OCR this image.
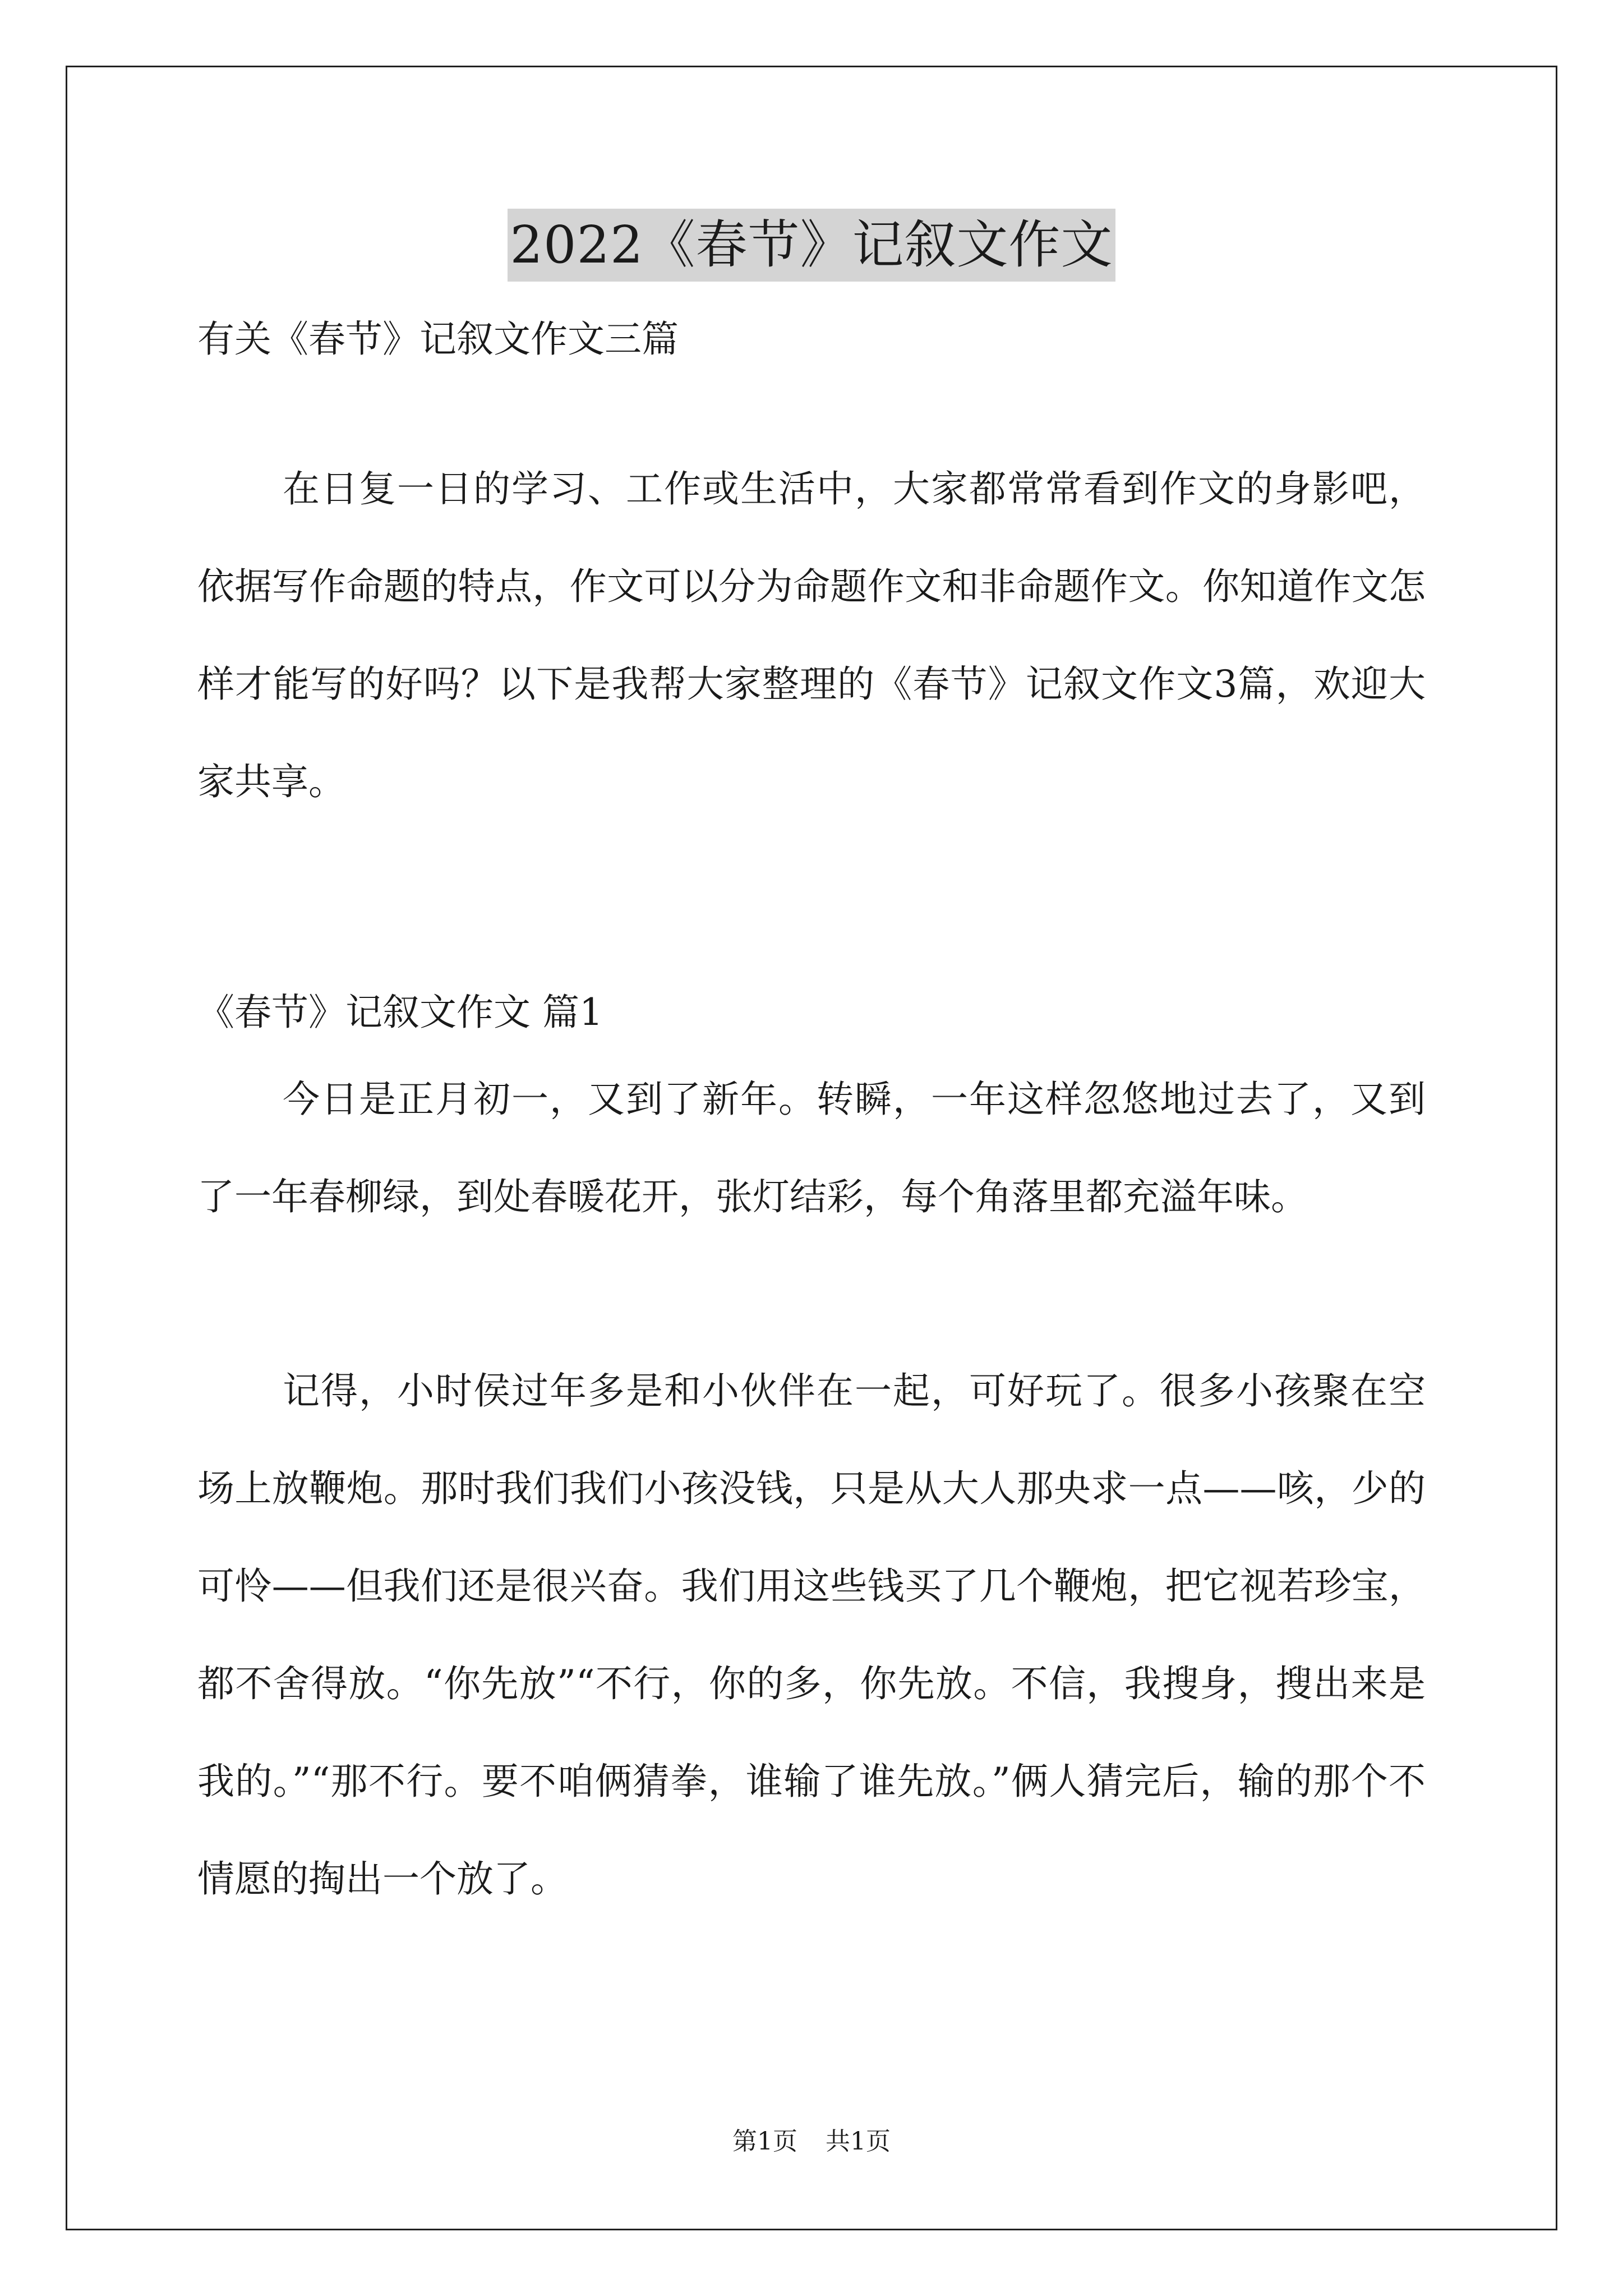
2022《春节》记叙文作文
有关《春节》记叙文作文三篇

在日复一日的学习、工作或生活中，大家都常常看到作文的身影吧，依据写作命题的特点，作文可以分为命题作文和非命题作文。你知道作文怎样才能写的好吗？以下是我帮大家整理的《春节》记叙文作文3篇，欢迎大家共享。

《春节》记叙文作文 篇1

今日是正月初一，又到了新年。转瞬，一年这样忽悠地过去了，又到了一年春柳绿，到处春暖花开，张灯结彩，每个角落里都充溢年味。

记得，小时侯过年多是和小伙伴在一起，可好玩了。很多小孩聚在空场上放鞭炮。那时我们我们小孩没钱，只是从大人那央求一点——咳，少的可怜——但我们还是很兴奋。我们用这些钱买了几个鞭炮，把它视若珍宝，都不舍得放。“你先放”“不行，你的多，你先放。不信，我搜身，搜出来是我的。”“那不行。要不咱俩猜拳，谁输了谁先放。”俩人猜完后，输的那个不情愿的掏出一个放了。

第1页 共1页
